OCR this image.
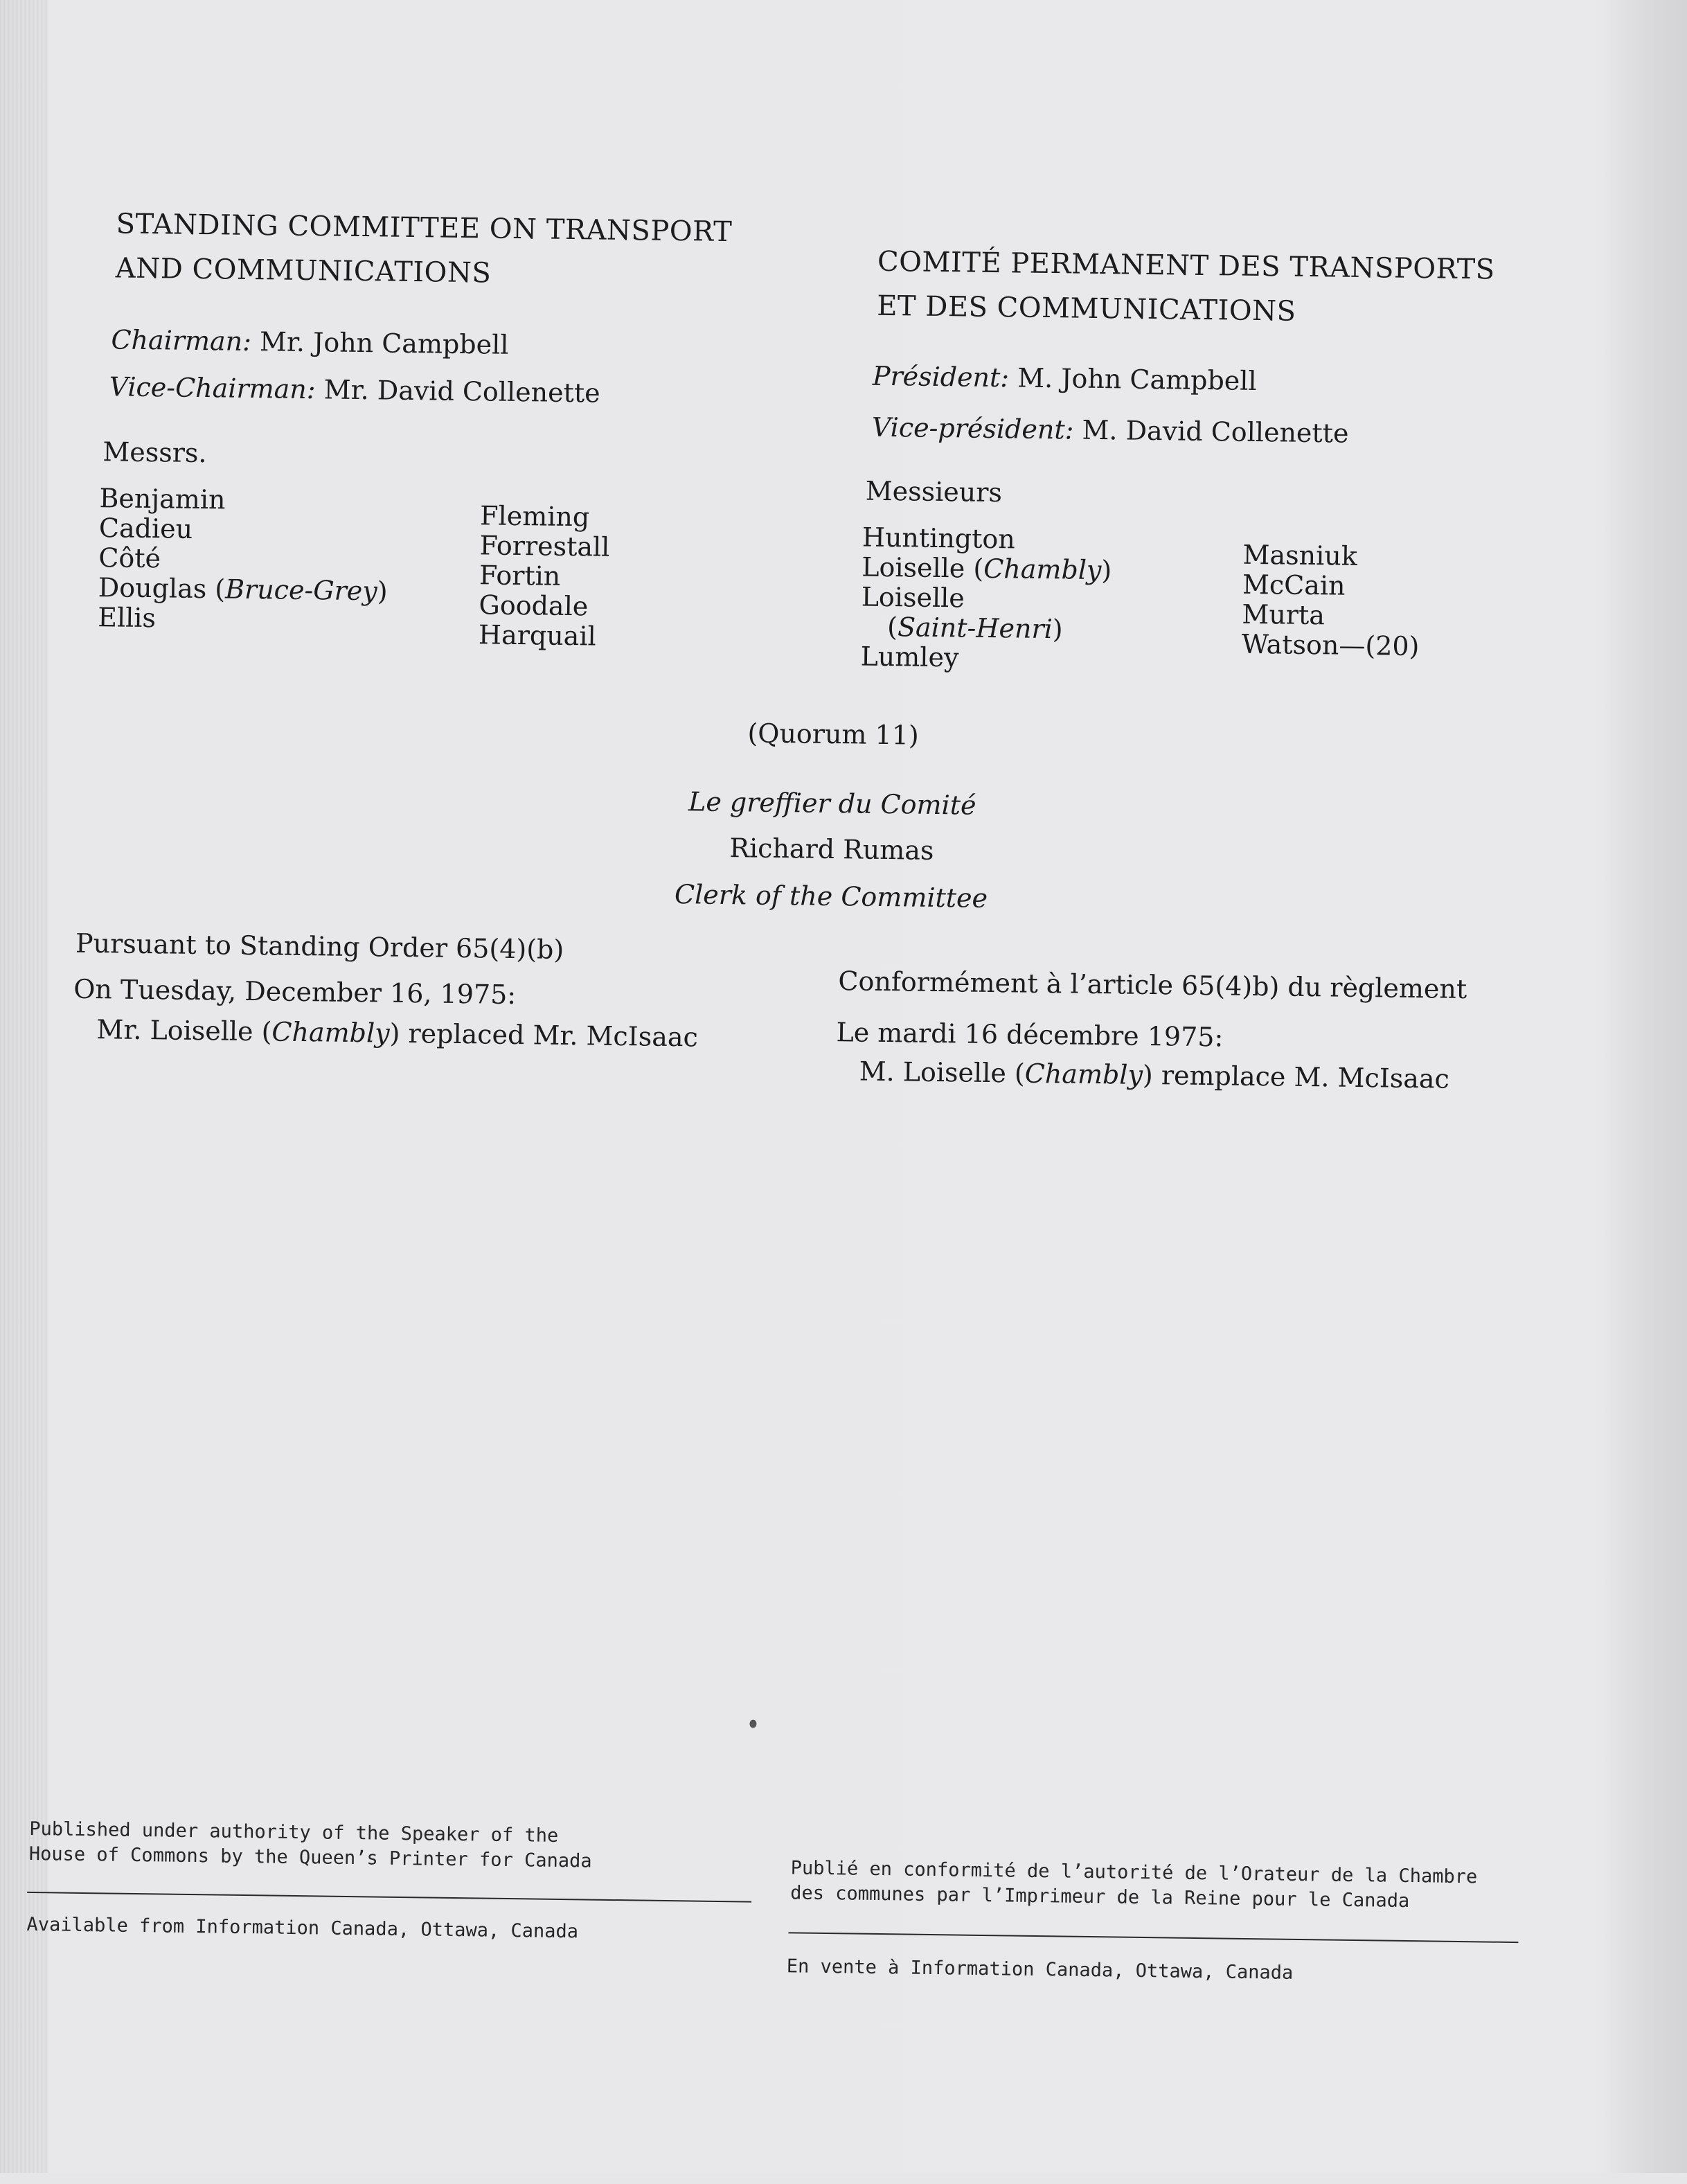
STANDING COMMITTEE ON TRANSPORT
AND COMMUNICATIONS
Chairman: Mr. John Campbell
Vice-Chairman: Mr. David Collenette
Messrs.
Benjamin
Cadieu
Côté
Douglas (Bruce-Grey)
Ellis
Fleming
Forrestall
Fortin
Goodale
Harquail
COMITÉ PERMANENT DES TRANSPORTS
ET DES COMMUNICATIONS
Président: M. John Campbell
Vice-président: M. David Collenette
Messieurs
Huntington
Loiselle (Chambly)
Loiselle
(Saint-Henri)
Lumley
Masniuk
McCain
Murta
Watson—(20)
(Quorum 11)
Le greffier du Comité
Richard Rumas
Clerk of the Committee
Pursuant to Standing Order 65(4)(b)
On Tuesday, December 16, 1975:
Mr. Loiselle (Chambly) replaced Mr. McIsaac
Conformément à l’article 65(4)b) du règlement
Le mardi 16 décembre 1975:
M. Loiselle (Chambly) remplace M. McIsaac
Published under authority of the Speaker of the
House of Commons by the Queen’s Printer for Canada
Available from Information Canada, Ottawa, Canada
Publié en conformité de l’autorité de l’Orateur de la Chambre
des communes par l’Imprimeur de la Reine pour le Canada
En vente à Information Canada, Ottawa, Canada
